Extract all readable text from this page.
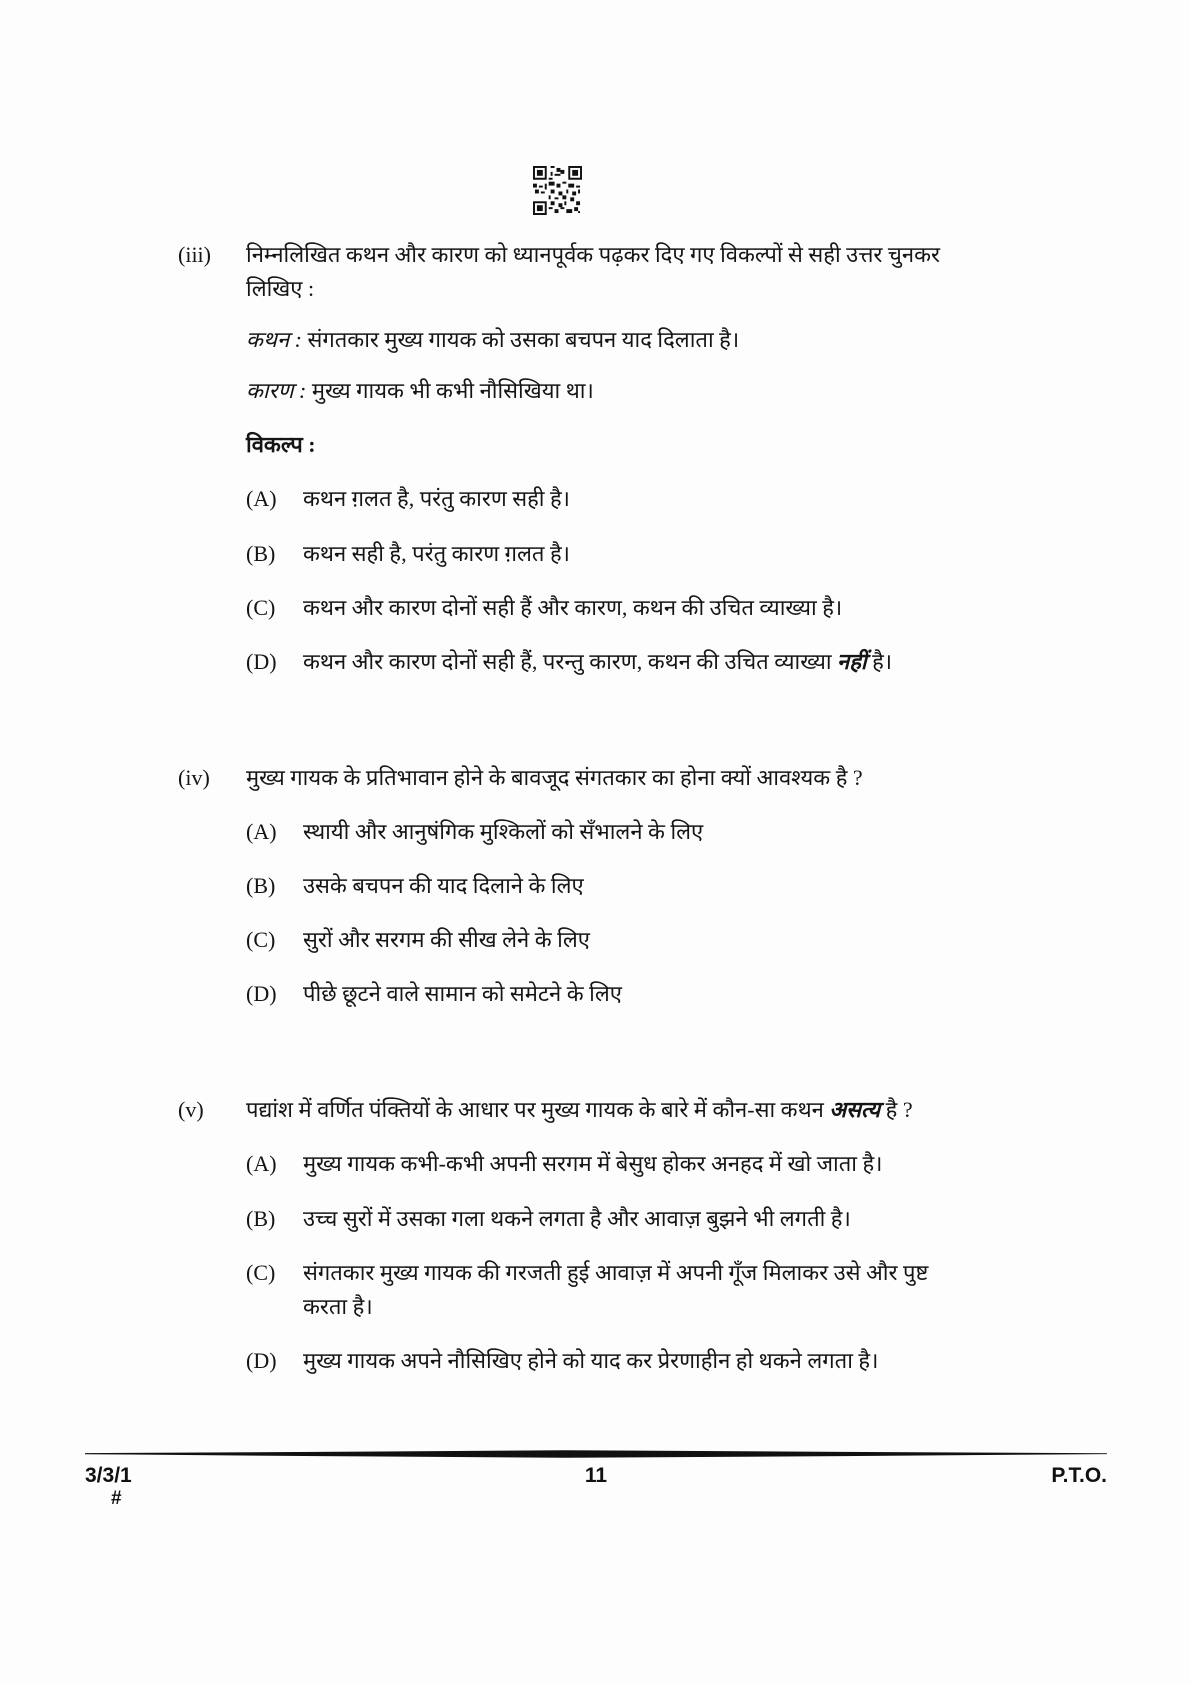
(iii)	निम्नलिखित कथन और कारण को ध्यानपूर्वक पढ़कर दिए गए विकल्पों से सही उत्तर चुनकर

लिखिए :

कथन : संगतकार मुख्य गायक को उसका बचपन याद दिलाता है।

कारण : मुख्य गायक भी कभी नौसिखिया था।

विकल्प :

(A)	कथन ग़लत है, परंतु कारण सही है।
(B)	कथन सही है, परंतु कारण ग़लत है।
(C)	कथन और कारण दोनों सही हैं और कारण, कथन की उचित व्याख्या है।
(D)	कथन और कारण दोनों सही हैं, परन्तु कारण, कथन की उचित व्याख्या नहीं है।
(iv)	मुख्य गायक के प्रतिभावान होने के बावजूद संगतकार का होना क्यों आवश्यक है ?

(A)	स्थायी और आनुषंगिक मुश्किलों को सँभालने के लिए
(B)	उसके बचपन की याद दिलाने के लिए
(C)	सुरों और सरगम की सीख लेने के लिए
(D)	पीछे छूटने वाले सामान को समेटने के लिए
(v)	पद्यांश में वर्णित पंक्तियों के आधार पर मुख्य गायक के बारे में कौन-सा कथन असत्य है ?

(A)	मुख्य गायक कभी-कभी अपनी सरगम में बेसुध होकर अनहद में खो जाता है।
(B)	उच्च सुरों में उसका गला थकने लगता है और आवाज़ बुझने भी लगती है।
(C)	संगतकार मुख्य गायक की गरजती हुई आवाज़ में अपनी गूँज मिलाकर उसे और पुष्ट
करता है।
(D)	मुख्य गायक अपने नौसिखिए होने को याद कर प्रेरणाहीन हो थकने लगता है।
3/3/1
#
11	P.T.O.
